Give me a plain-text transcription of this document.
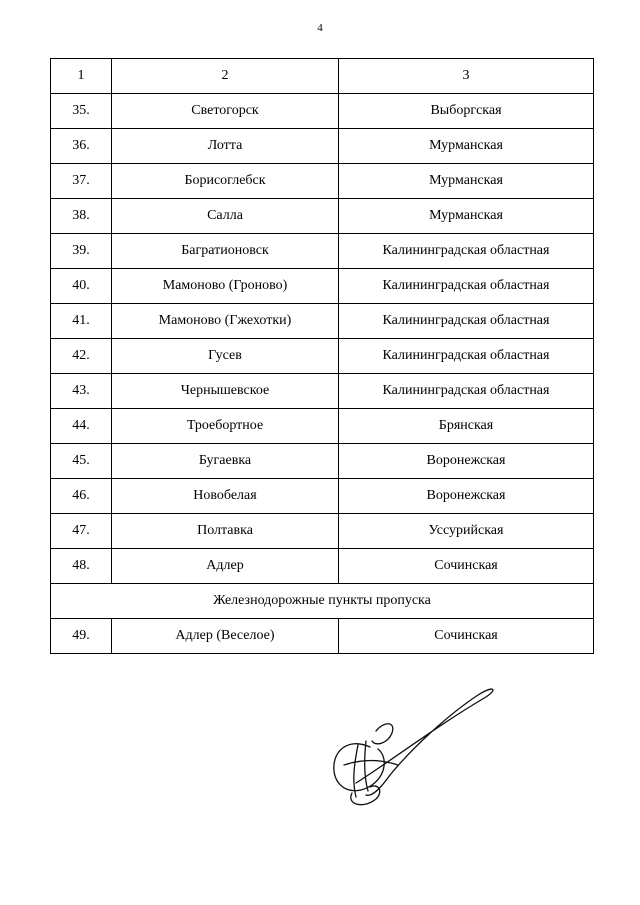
4
1	2	3
35.	Светогорск	Выборгская
36.	Лотта	Мурманская
37.	Борисоглебск	Мурманская
38.	Салла	Мурманская
39.	Багратионовск	Калининградская областная
40.	Мамоново (Гроново)	Калининградская областная
41.	Мамоново (Гжехотки)	Калининградская областная
42.	Гусев	Калининградская областная
43.	Чернышевское	Калининградская областная
44.	Троебортное	Брянская
45.	Бугаевка	Воронежская
46.	Новобелая	Воронежская
47.	Полтавка	Уссурийская
48.	Адлер	Сочинская
Железнодорожные пункты пропуска		
49.	Адлер (Веселое)	Сочинская
